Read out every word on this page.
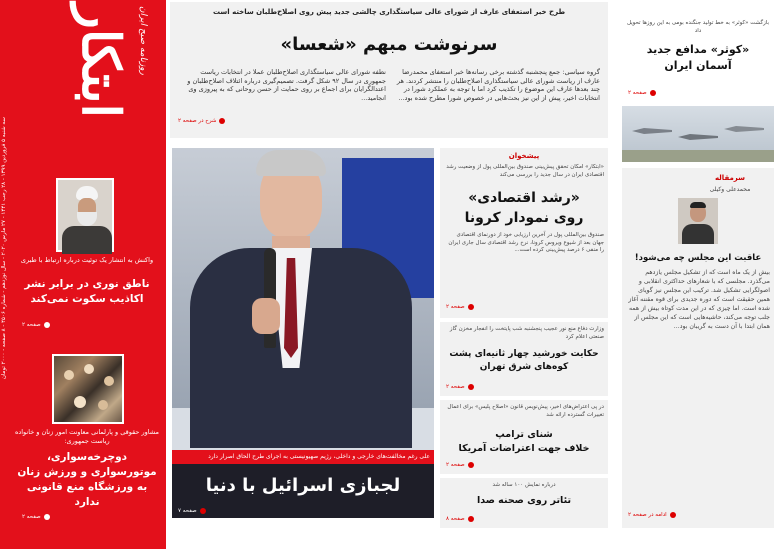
ابتکار روزنامه صبح ایران
سه شنبه ۵ فروردین ۱۳۹۹ - ۲۸ رجب ۱۴۴۱ - ۲۷ مارس ۲۰۲۰ - سال نوزدهم - شماره ۴۵۰۶ - ۸ صفحه - ۲۰۰۰ تومان
واکنش به انتشار یک توئیت درباره ارتباط با طبری
ناطق نوری در برابر نشر اکاذیب سکوت نمی‌کند
صفحه ۲
مشاور حقوقی و پارلمانی معاونت امور زنان و خانواده ریاست جمهوری:
دوچرخه‌سواری، موتورسواری و ورزش‌ زنان به ورزشگاه منع قانونی ندارد
صفحه ۲
طرح خبر استعفای عارف از شورای عالی سیاستگذاری چالشی جدید پیش روی اصلاح‌طلبان ساخته است
سرنوشت مبهم «شعسا»
گروه سیاسی: جمع پنجشنبه گذشته برخی رسانه‌ها خبر استعفای محمدرضا عارف از ریاست شورای عالی سیاستگذاری اصلاح‌طلبان را منتشر کردند. هر چند بعدها عارف این موضوع را تکذیب کرد اما با توجه به عملکرد شورا در انتخابات اخیر، پیش از این نیز بحث‌هایی در خصوص شورا مطرح شده بود...
نطفه شورای عالی سیاستگذاری اصلاح‌طلبان عملا در انتخابات ریاست جمهوری در سال ۹۲ شکل گرفت. تصمیم‌گیری درباره ائتلاف اصلاح‌طلبان و اعتدالگرایان برای اجماع بر روی حمایت از حسن روحانی که به پیروزی وی انجامید...
شرح در صفحه ۲
علی رغم مخالفت‌های خارجی و داخلی، رژیم صهیونیستی به اجرای طرح الحاق اصرار دارد
لجبازی اسرائیل با دنیا
صفحه ۷
پیشخوان
«ابتکار» امکان تحقق پیش‌بینی صندوق بین‌المللی پول از وضعیت رشد اقتصادی ایران در سال جدید را بررسی می‌کند
«رشد اقتصادی»
روی نمودار کرونا
صندوق بین‌المللی پول در آخرین ارزیابی خود از دورنمای اقتصادی جهان بعد از شیوع ویروس کرونا، نرخ رشد اقتصادی سال جاری ایران را منفی ۶ درصد پیش‌بینی کرده است...
صفحه ۲
وزارت دفاع منع نور عجیب پنجشنبه شب پایتخت را انفجار مخزن گاز صنعتی اعلام کرد
حکایت خورشید چهار ثانیه‌ای پشت کوه‌های شرق تهران
صفحه ۲
در پی اعتراض‌های اخیر، پیش‌نویس قانون «اصلاح پلیس» برای اعمال تغییرات گسترده ارائه شد
شنای ترامپ
خلاف جهت اعتراضات آمریکا
صفحه ۲
درباره نمایش ۱۰۰ ساله شد
تئاتر روی صحنه صدا
صفحه ۸
بازگشت «کوثر» به خط تولید جنگنده بومی به این روزها تحویل داد
«کوثر» مدافع جدید آسمان ایران
صفحه ۲
سرمقاله
محمدعلی وکیلی
عاقبت این مجلس چه می‌شود!
بیش از یک ماه است که از تشکیل مجلس یازدهم می‌گذرد. مجلسی که با شعارهای حداکثری انقلابی و اصولگرایی تشکیل شد. ترکیب این مجلس نیز گویای همین حقیقت است که دوره جدیدی برای قوه مقننه آغاز شده است. اما چیزی که در این مدت کوتاه بیش از همه جلب توجه می‌کند، حاشیه‌هایی است که این مجلس از همان ابتدا با آن دست به گریبان بود...
ادامه در صفحه ۲
